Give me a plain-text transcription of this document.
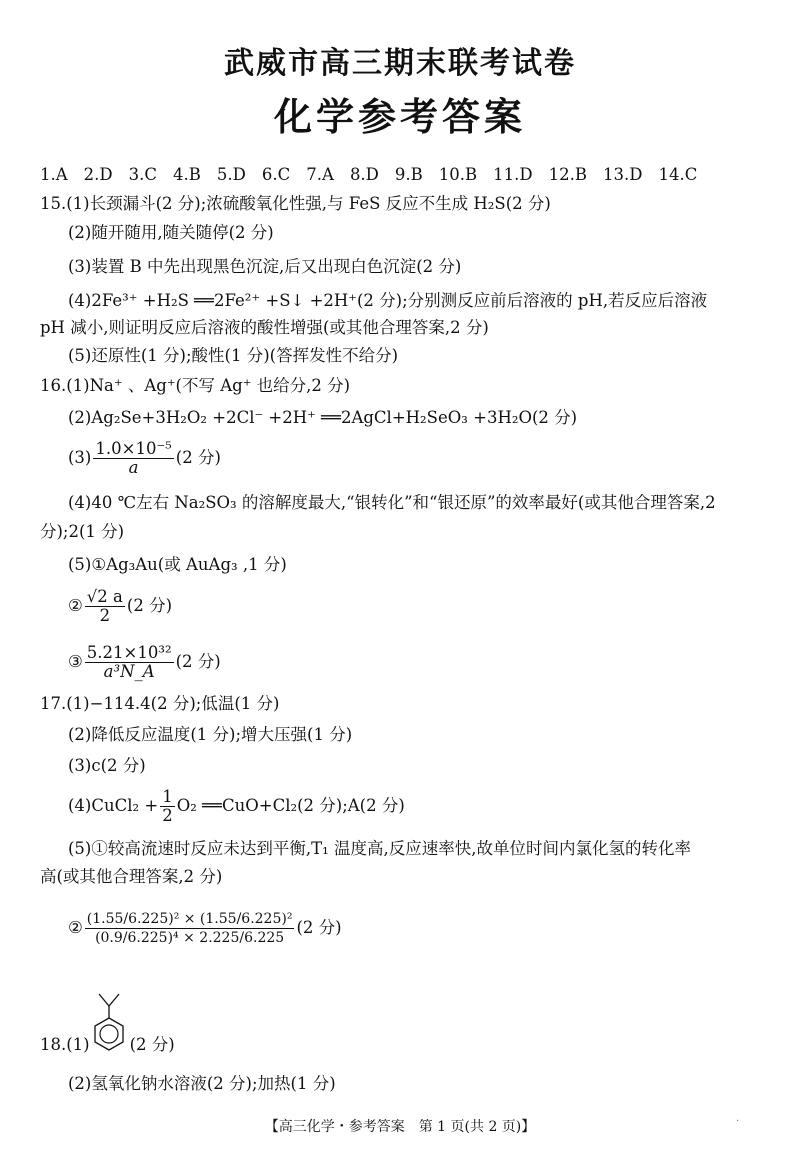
武威市高三期末联考试卷
化学参考答案
1.A 2.D 3.C 4.B 5.D 6.C 7.A 8.D 9.B 10.B 11.D 12.B 13.D 14.C
15.(1)长颈漏斗(2 分);浓硫酸氧化性强,与 FeS 反应不生成 H₂S(2 分)
(2)随开随用,随关随停(2 分)
(3)装置 B 中先出现黑色沉淀,后又出现白色沉淀(2 分)
(4)2Fe³⁺ +H₂S ══2Fe²⁺ +S↓ +2H⁺(2 分);分别测反应前后溶液的 pH,若反应后溶液
pH 减小,则证明反应后溶液的酸性增强(或其他合理答案,2 分)
(5)还原性(1 分);酸性(1 分)(答挥发性不给分)
16.(1)Na⁺ 、Ag⁺(不写 Ag⁺ 也给分,2 分)
(2)Ag₂Se+3H₂O₂ +2Cl⁻ +2H⁺ ══2AgCl+H₂SeO₃ +3H₂O(2 分)
$(3) \frac{\text{1.0×10⁻⁵}}{a} (2$ 分)
(4)40 ℃左右 Na₂SO₃ 的溶解度最大,“银转化”和“银还原”的效率最好(或其他合理答案,2
分);2(1 分)
(5)①Ag₃Au(或 AuAg₃ ,1 分)
② $\frac{√2 a}{2} (2$ 分)
③ $\frac{\text{5.21×10³²}}{\text{a³N\_A}} (2$ 分)
17.(1)−114.4(2 分);低温(1 分)
(2)降低反应温度(1 分);增大压强(1 分)
(3)c(2 分)
(4)CuCl₂ + $\frac{1}{2} O_2$ ══CuO+Cl₂(2 分);A(2 分)
(5)①较高流速时反应未达到平衡,T₁ 温度高,反应速率快,故单位时间内氯化氢的转化率
高(或其他合理答案,2 分)
② $\frac{\text{(1.55/6.225)² × (1.55/6.225)²}}{\text{(0.9/6.225)⁴ × 2.225/6.225}} (2$ 分)
18.(1) (2 分)
(2)氢氧化钠水溶液(2 分);加热(1 分)
【高三化学・参考答案　第 1 页(共 2 页)】	·
